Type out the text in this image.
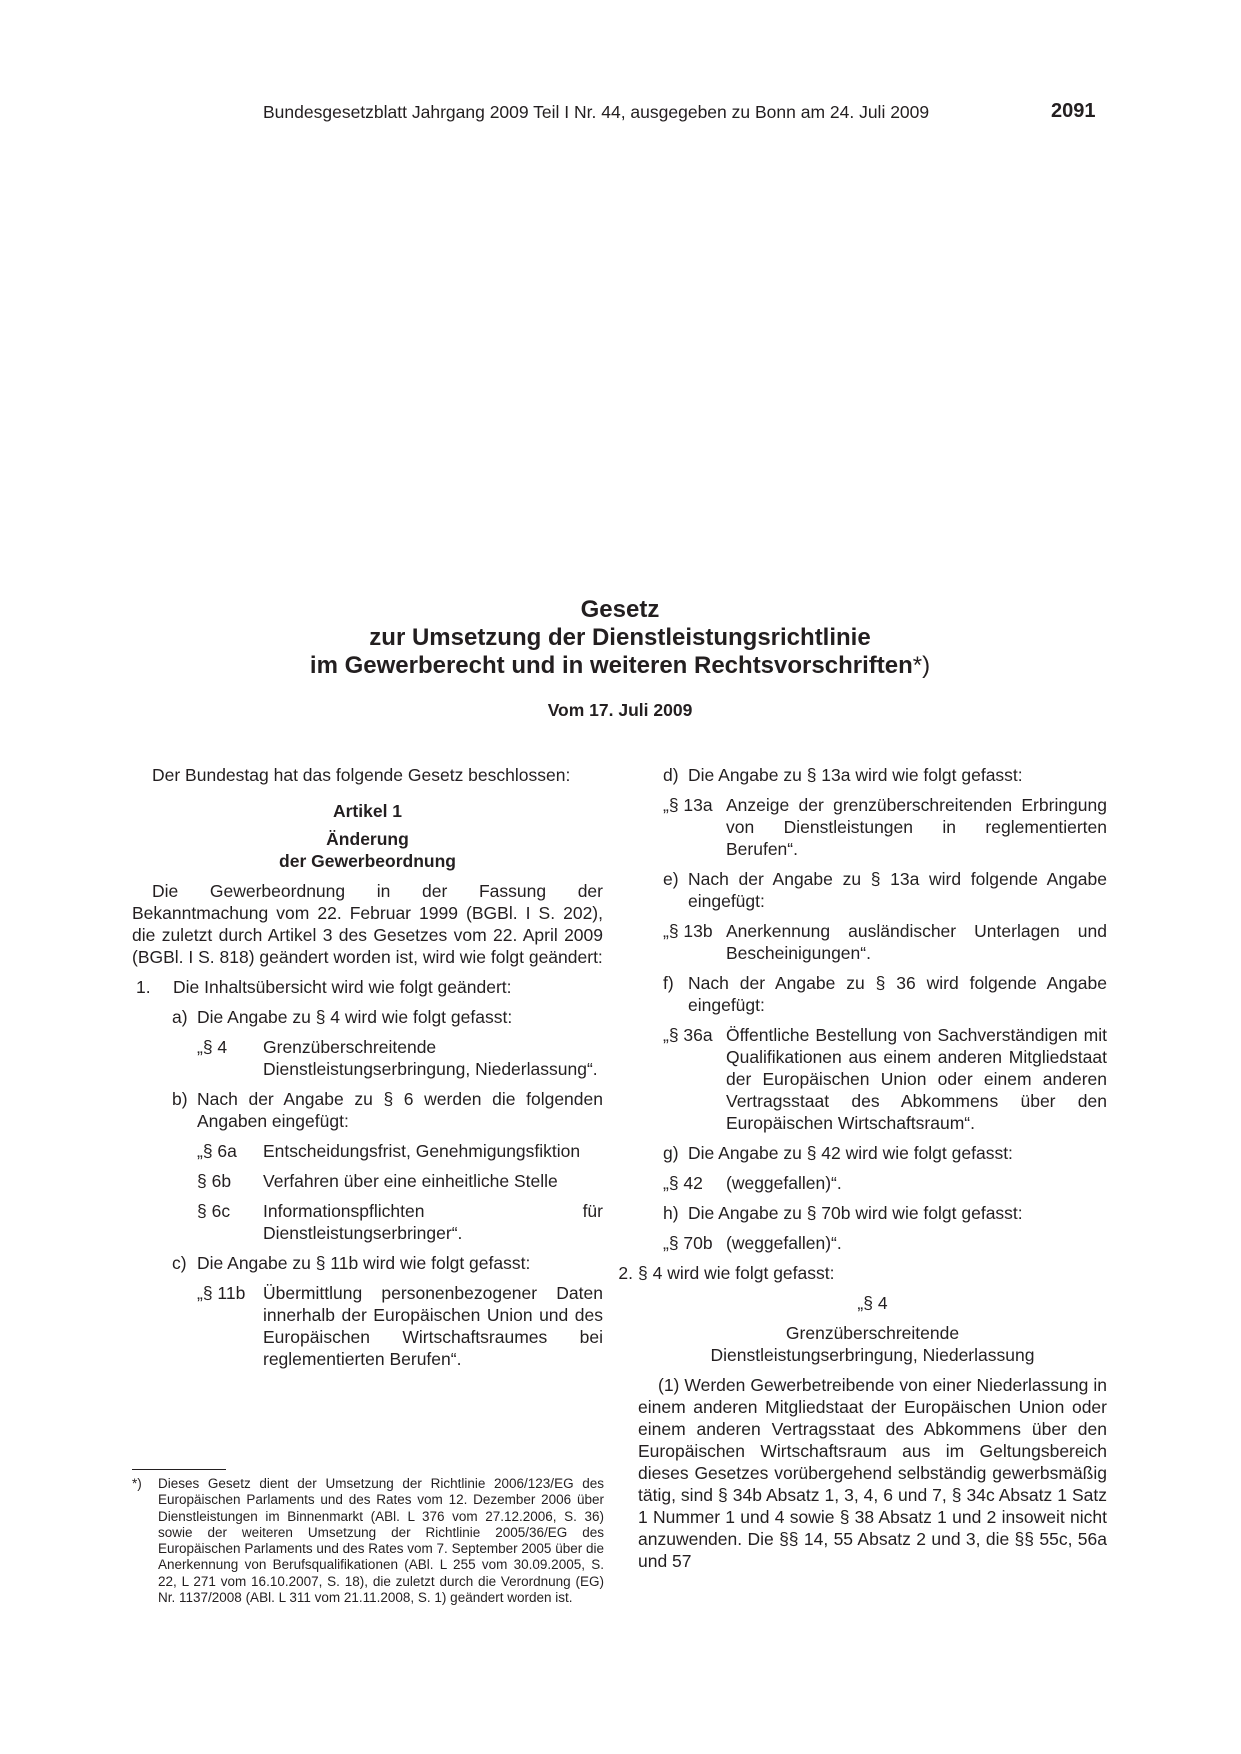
Bundesgesetzblatt Jahrgang 2009 Teil I Nr. 44, ausgegeben zu Bonn am 24. Juli 2009	2091
Gesetz
zur Umsetzung der Dienstleistungsrichtlinie
im Gewerberecht und in weiteren Rechtsvorschriften*)
Vom 17. Juli 2009

Der Bundestag hat das folgende Gesetz beschlossen:

Artikel 1
Änderung
der Gewerbeordnung

Die Gewerbeordnung in der Fassung der Bekanntmachung vom 22. Februar 1999 (BGBl. I S. 202), die zuletzt durch Artikel 3 des Gesetzes vom 22. April 2009 (BGBl. I S. 818) geändert worden ist, wird wie folgt geändert:

1.	Die Inhaltsübersicht wird wie folgt geändert:
a) Die Angabe zu § 4 wird wie folgt gefasst:
„§ 4	Grenzüberschreitende Dienstleistungserbringung, Niederlassung“.
b) Nach der Angabe zu § 6 werden die folgenden Angaben eingefügt:
„§ 6a	Entscheidungsfrist, Genehmigungsfiktion
§ 6b	Verfahren über eine einheitliche Stelle
§ 6c	Informationspflichten für Dienstleistungserbringer“.
c) Die Angabe zu § 11b wird wie folgt gefasst:
„§ 11b	Übermittlung personenbezogener Daten innerhalb der Europäischen Union und des Europäischen Wirtschaftsraumes bei reglementierten Berufen“.
*)	Dieses Gesetz dient der Umsetzung der Richtlinie 2006/123/EG des Europäischen Parlaments und des Rates vom 12. Dezember 2006 über Dienstleistungen im Binnenmarkt (ABl. L 376 vom 27.12.2006, S. 36) sowie der weiteren Umsetzung der Richtlinie 2005/36/EG des Europäischen Parlaments und des Rates vom 7. September 2005 über die Anerkennung von Berufsqualifikationen (ABl. L 255 vom 30.09.2005, S. 22, L 271 vom 16.10.2007, S. 18), die zuletzt durch die Verordnung (EG) Nr. 1137/2008 (ABl. L 311 vom 21.11.2008, S. 1) geändert worden ist.
d) Die Angabe zu § 13a wird wie folgt gefasst:
„§ 13a Anzeige der grenzüberschreitenden Erbringung von Dienstleistungen in reglementierten Berufen“.
e) Nach der Angabe zu § 13a wird folgende Angabe eingefügt:
„§ 13b Anerkennung ausländischer Unterlagen und Bescheinigungen“.
f) Nach der Angabe zu § 36 wird folgende Angabe eingefügt:
„§ 36a Öffentliche Bestellung von Sachverständigen mit Qualifikationen aus einem anderen Mitgliedstaat der Europäischen Union oder einem anderen Vertragsstaat des Abkommens über den Europäischen Wirtschaftsraum“.
g) Die Angabe zu § 42 wird wie folgt gefasst:
„§ 42	(weggefallen)“.
h) Die Angabe zu § 70b wird wie folgt gefasst:
„§ 70b (weggefallen)“.
2. § 4 wird wie folgt gefasst:
„§ 4
Grenzüberschreitende
Dienstleistungserbringung, Niederlassung

(1) Werden Gewerbetreibende von einer Niederlassung in einem anderen Mitgliedstaat der Europäischen Union oder einem anderen Vertragsstaat des Abkommens über den Europäischen Wirtschaftsraum aus im Geltungsbereich dieses Gesetzes vorübergehend selbständig gewerbsmäßig tätig, sind § 34b Absatz 1, 3, 4, 6 und 7, § 34c Absatz 1 Satz 1 Nummer 1 und 4 sowie § 38 Absatz 1 und 2 insoweit nicht anzuwenden. Die §§ 14, 55 Absatz 2 und 3, die §§ 55c, 56a und 57
